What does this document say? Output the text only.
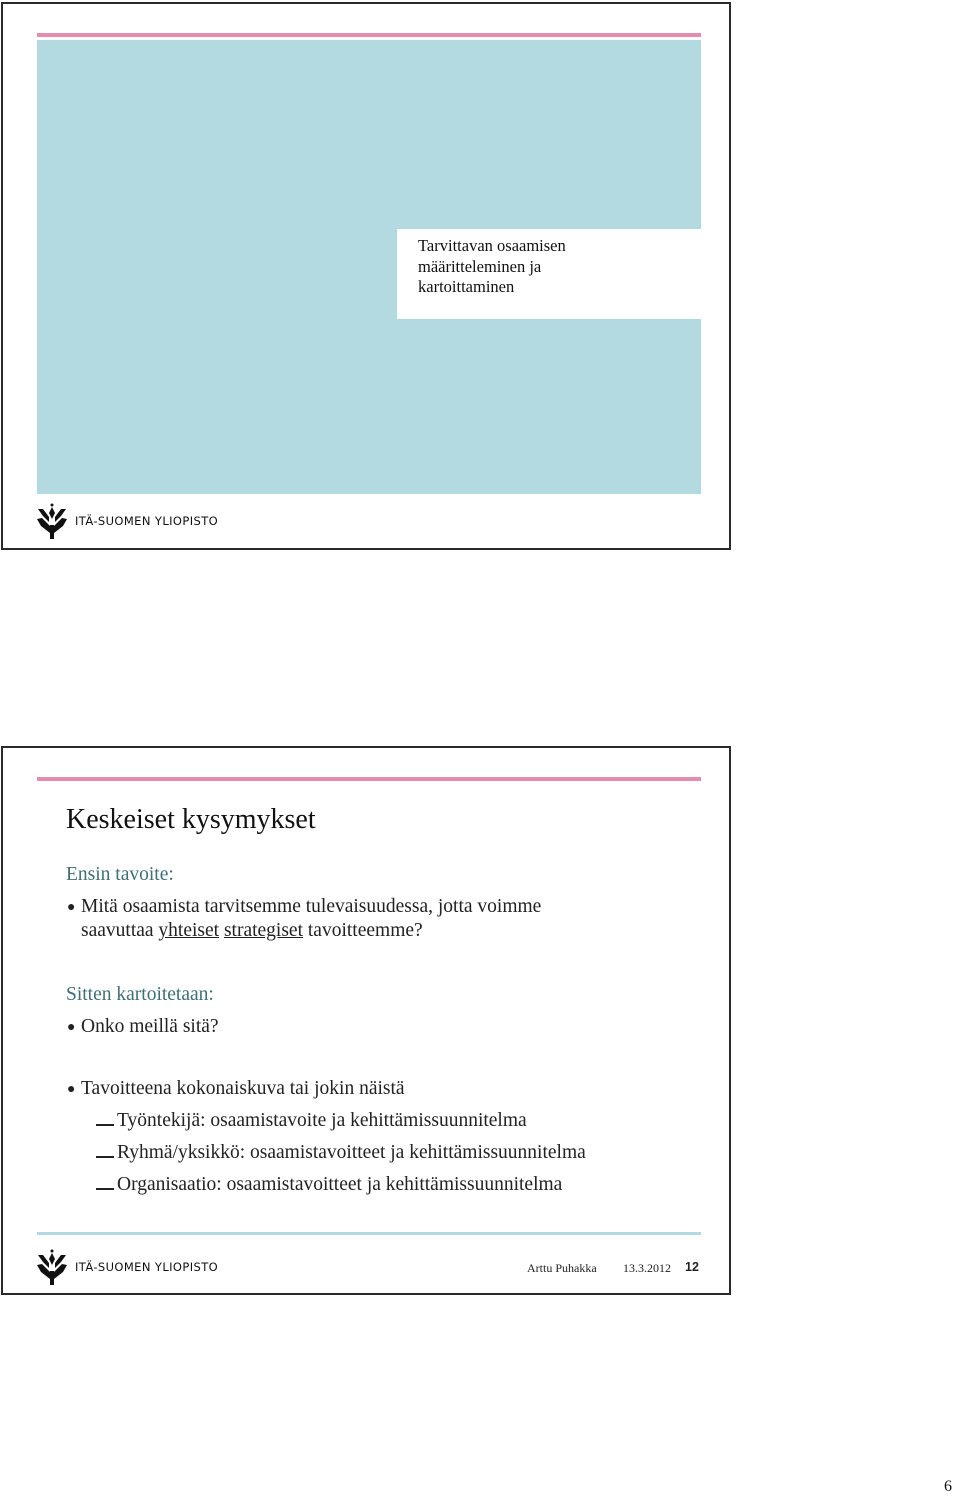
Tarvittavan osaamisen
määritteleminen ja
kartoittaminen
ITÄ-SUOMEN YLIOPISTO
Keskeiset kysymykset
Ensin tavoite:
● Mitä osaamista tarvitsemme tulevaisuudessa, jotta voimme
saavuttaa yhteiset strategiset tavoitteemme?
Sitten kartoitetaan:
● Onko meillä sitä?
● Tavoitteena kokonaiskuva tai jokin näistä
Työntekijä: osaamistavoite ja kehittämissuunnitelma
Ryhmä/yksikkö: osaamistavoitteet ja kehittämissuunnitelma
Organisaatio: osaamistavoitteet ja kehittämissuunnitelma
ITÄ-SUOMEN YLIOPISTO	Arttu Puhakka 13.3.2012 12
6
